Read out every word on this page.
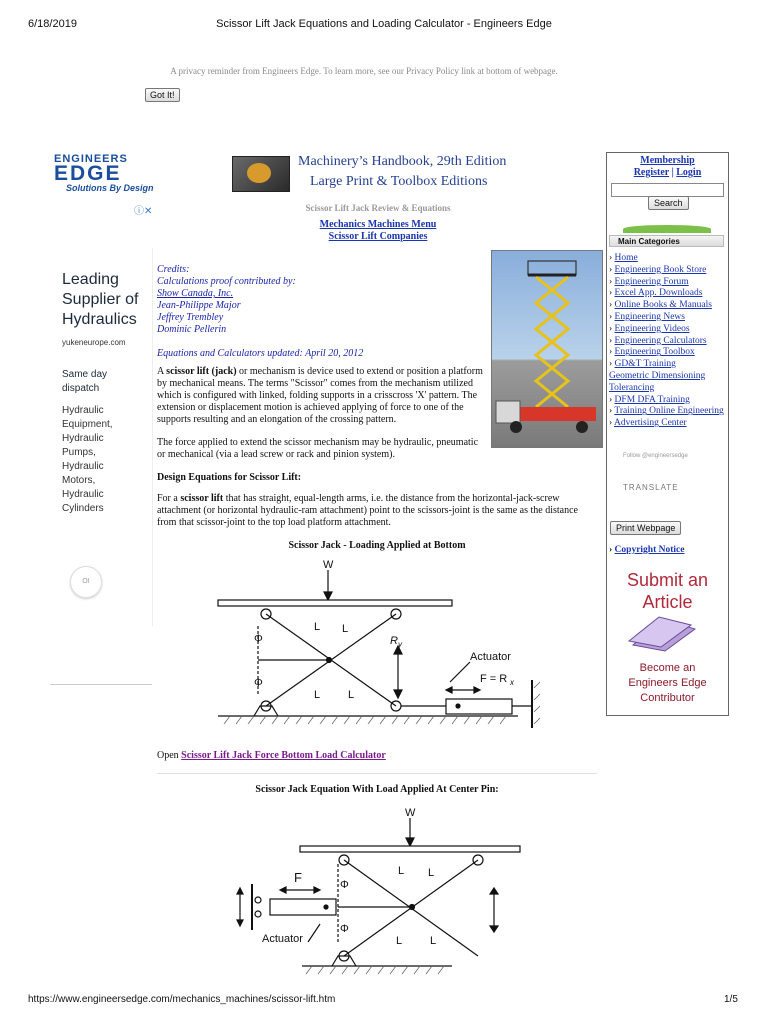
6/18/2019	Scissor Lift Jack Equations and Loading Calculator - Engineers Edge
A privacy reminder from Engineers Edge. To learn more, see our Privacy Policy link at bottom of webpage.
Got It!
ENGINEERS
EDGE
Solutions By Design
ⓘ✕
Machinery’s Handbook, 29th Edition
Large Print & Toolbox Editions
Scissor Lift Jack Review & Equations
Mechanics Machines Menu
Scissor Lift Companies
Leading
Supplier of
Hydraulics
yukeneurope.com
Same day
dispatch
Hydraulic
Equipment,
Hydraulic
Pumps,
Hydraulic
Motors,
Hydraulic
Cylinders
OI
Credits:
Calculations proof contributed by:
Show Canada, Inc.
Jean-Philippe Major
Jeffrey Trembley
Dominic Pellerin
Equations and Calculators updated: April 20, 2012
A scissor lift (jack) or mechanism is device used to extend or position a platform by mechanical means. The terms "Scissor" comes from the mechanism utilized which is configured with linked, folding supports in a crisscross 'X' pattern. The extension or displacement motion is achieved applying of force to one of the supports resulting and an elongation of the crossing pattern.
The force applied to extend the scissor mechanism may be hydraulic, pneumatic or mechanical (via a lead screw or rack and pinion system).
Design Equations for Scissor Lift:
For a scissor lift that has straight, equal-length arms, i.e. the distance from the horizontal-jack-screw attachment (or horizontal hydraulic-ram attachment) point to the scissors-joint is the same as the distance from that scissor-joint to the top load platform attachment.
Scissor Jack - Loading Applied at Bottom
W
L L
L	L
Φ
Φ
R y
Actuator
F = R x
Open Scissor Lift Jack Force Bottom Load Calculator
Scissor Jack Equation With Load Applied At Center Pin:
W
L L
L	L
Φ
Φ
F
Actuator
Membership
Register | Login
Main Categories
› Home
› Engineering Book Store
› Engineering Forum
› Excel App. Downloads
› Online Books & Manuals
› Engineering News
› Engineering Videos
› Engineering Calculators
› Engineering Toolbox
› GD&T Training
Geometric Dimensioning Tolerancing
› DFM DFA Training
› Training Online Engineering
› Advertising Center
Follow @engineersedge
TRANSLATE
Print Webpage
› Copyright Notice
Submit an
Article
Become an
Engineers Edge
Contributor
Search
https://www.engineersedge.com/mechanics_machines/scissor-lift.htm	1/5
